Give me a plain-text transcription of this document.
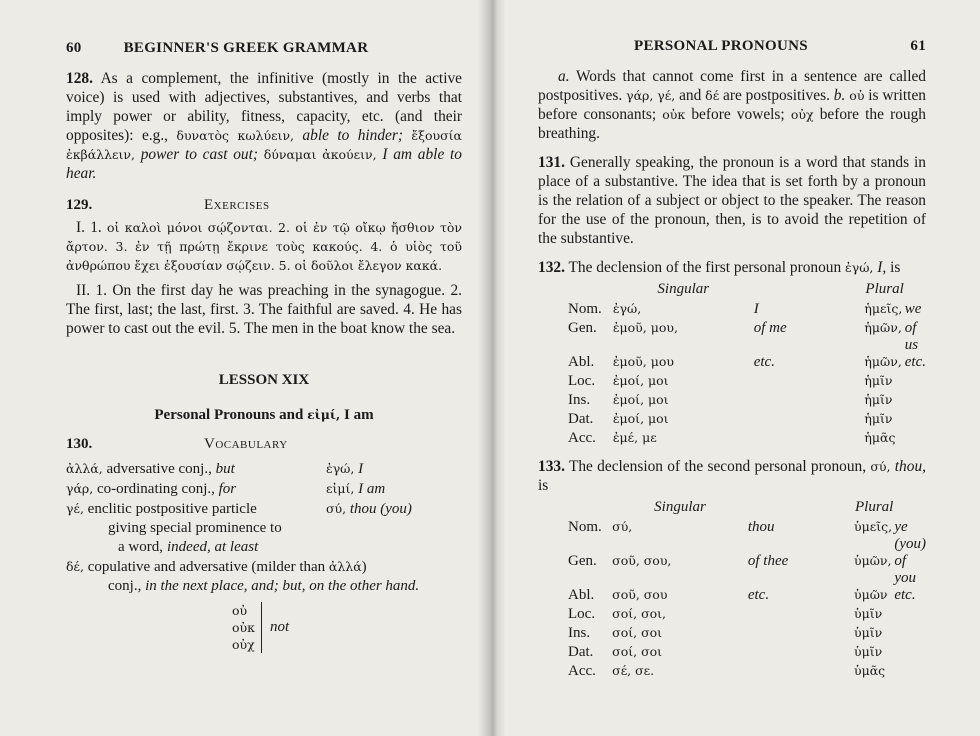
60	BEGINNER'S GREEK GRAMMAR

128. As a complement, the infinitive (mostly in the active voice) is used with adjectives, substantives, and verbs that imply power or ability, fitness, capacity, etc. (and their opposites): e.g., δυνατὸς κωλύειν, able to hinder; ἔξουσία ἐκβάλλειν, power to cast out; δύναμαι ἀκούειν, I am able to hear.

129.	Exercises

I. 1. οἱ καλοὶ μόνοι σῴζονται. 2. οἱ ἐν τῷ οἴκῳ ἤσθιον τὸν ἄρτον. 3. ἐν τῇ πρώτῃ ἔκρινε τοὺς κακούς. 4. ὁ υἱὸς τοῦ ἀνθρώπου ἔχει ἐξουσίαν σῴζειν. 5. οἱ δοῦλοι ἔλεγον κακά.

II. 1. On the first day he was preaching in the synagogue. 2. The first, last; the last, first. 3. The faithful are saved. 4. He has power to cast out the evil. 5. The men in the boat know the sea.

LESSON XIX
Personal Pronouns and εἰμί, I am
130.	Vocabulary
ἀλλά, adversative conj., but	ἐγώ, I
γάρ, co-ordinating conj., for	εἰμί, I am
γέ, enclitic postpositive particle	σύ, thou (you)
giving special prominence to
a word, indeed, at least
δέ, copulative and adversative (milder than ἀλλά)
conj., in the next place, and; but, on the other hand.
οὐ
οὐκ
οὐχ
not
PERSONAL PRONOUNS	61

a. Words that cannot come first in a sentence are called postpositives. γάρ, γέ, and δέ are postpositives. b. οὐ is written before consonants; οὐκ before vowels; οὐχ before the rough breathing.

131. Generally speaking, the pronoun is a word that stands in place of a substantive. The idea that is set forth by a pronoun is the relation of a subject or object to the speaker. The reason for the use of the pronoun, then, is to avoid the repetition of the substantive.

132. The declension of the first personal pronoun ἐγώ, I, is

	Singular		Plural	
Nom.	ἐγώ,	I	ἡμεῖς,	we
Gen.	ἐμοῦ, μου,	of me	ἡμῶν,	of us
Abl.	ἐμοῦ, μου	etc.	ἡμῶν,	etc.
Loc.	ἐμοί, μοι		ἡμῖν	
Ins.	ἐμοί, μοι		ἡμῖν	
Dat.	ἐμοί, μοι		ἡμῖν	
Acc.	ἐμέ, με		ἡμᾶς	

133. The declension of the second personal pronoun, σύ, thou, is

	Singular		Plural	
Nom.	σύ,	thou	ὑμεῖς,	ye (you)
Gen.	σοῦ, σου,	of thee	ὑμῶν,	of you
Abl.	σοῦ, σου	etc.	ὑμῶν	etc.
Loc.	σοί, σοι,		ὑμῖν	
Ins.	σοί, σοι		ὑμῖν	
Dat.	σοί, σοι		ὑμῖν	
Acc.	σέ, σε.		ὑμᾶς	
